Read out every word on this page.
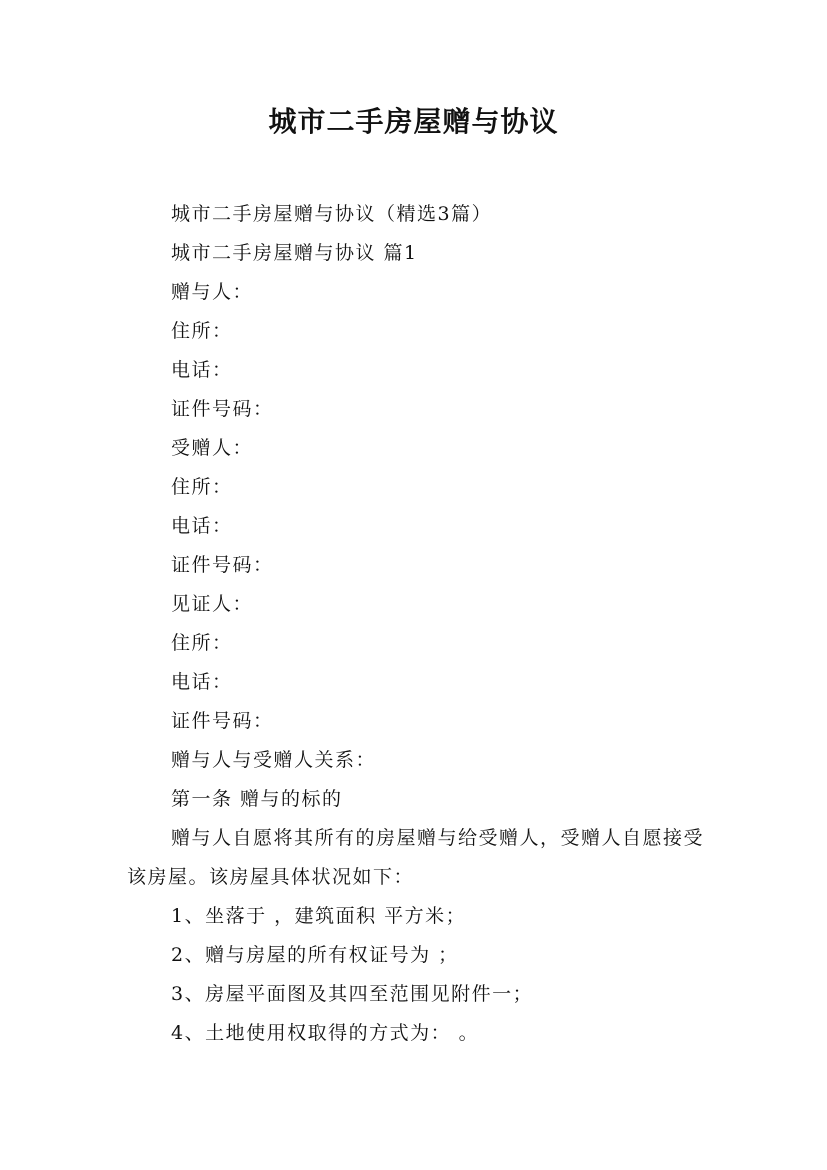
城市二手房屋赠与协议
城市二手房屋赠与协议（精选3篇）
城市二手房屋赠与协议 篇1
赠与人：
住所：
电话：
证件号码：
受赠人：
住所：
电话：
证件号码：
见证人：
住所：
电话：
证件号码：
赠与人与受赠人关系：
第一条 赠与的标的

赠与人自愿将其所有的房屋赠与给受赠人，受赠人自愿接受该房屋。该房屋具体状况如下：

1、坐落于 ，建筑面积 平方米；
2、赠与房屋的所有权证号为 ；
3、房屋平面图及其四至范围见附件一；
4、土地使用权取得的方式为： 。
